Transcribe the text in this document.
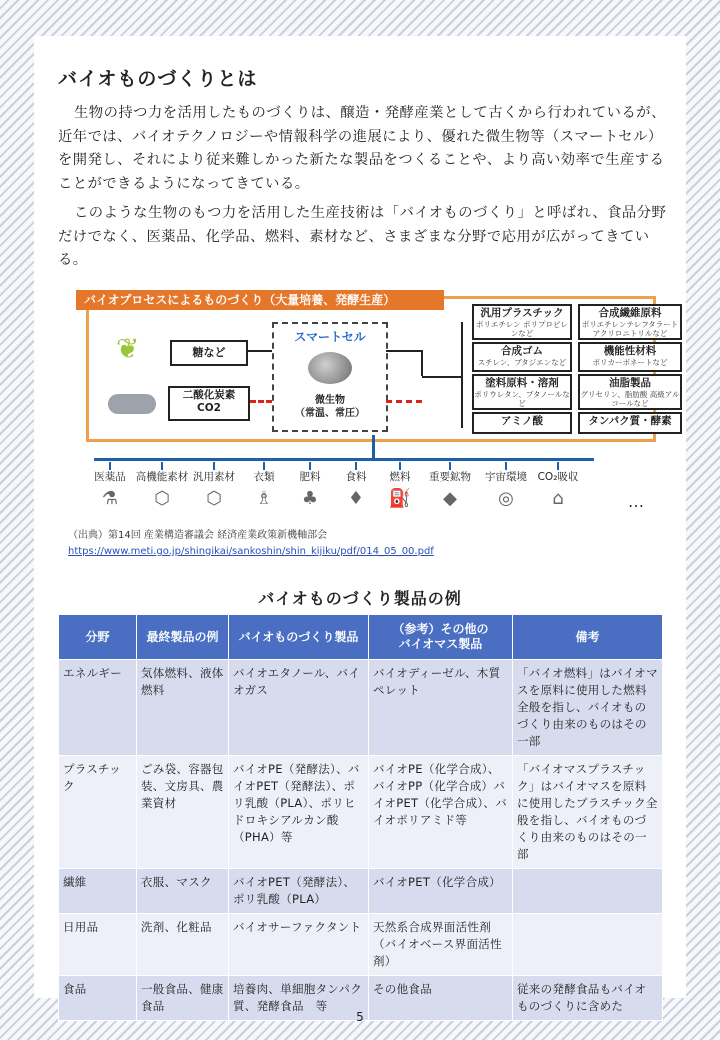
バイオものづくりとは
生物の持つ力を活用したものづくりは、醸造・発酵産業として古くから行われているが、近年では、バイオテクノロジーや情報科学の進展により、優れた微生物等（スマートセル）を開発し、それにより従来難しかった新たな製品をつくることや、より高い効率で生産することができるようになってきている。
このような生物のもつ力を活用した生産技術は「バイオものづくり」と呼ばれ、食品分野だけでなく、医薬品、化学品、燃料、素材など、さまざまな分野で応用が広がってきている。
バイオプロセスによるものづくり（大量培養、発酵生産）
❦	糖など
二酸化炭素
CO2
スマートセル
微生物
（常温、常圧）
汎用プラスチック
ポリエチレン ポリプロピレンなど
合成繊維原料
ポリエチレンテレフタラート アクリロニトリルなど
合成ゴム
スチレン、ブタジエンなど
機能性材料
ポリカーボネートなど
塗料原料・溶剤
ポリウレタン、ブタノールなど
油脂製品
グリセリン、脂肪酸 高級アルコールなど
アミノ酸	タンパク質・酵素
医薬品
⚗
高機能素材
⬡
汎用素材
⬡
衣類
♗
肥料
♣
食料
♦
燃料
⛽
重要鉱物
◆
宇宙環境
◎
CO₂吸収
⌂	…
（出典）第14回 産業構造審議会 経済産業政策新機軸部会
https://www.meti.go.jp/shingikai/sankoshin/shin_kijiku/pdf/014_05_00.pdf
バイオものづくり製品の例
分野	最終製品の例	バイオものづくり製品	（参考）その他の
バイオマス製品	備考
エネルギー	気体燃料、液体燃料	バイオエタノール、バイオガス	バイオディーゼル、木質ペレット	「バイオ燃料」はバイオマスを原料に使用した燃料全般を指し、バイオものづくり由来のものはその一部
プラスチック	ごみ袋、容器包装、文房具、農業資材	バイオPE（発酵法）、バイオPET（発酵法）、ポリ乳酸（PLA）、ポリヒドロキシアルカン酸（PHA）等	バイオPE（化学合成）、バイオPP（化学合成）バイオPET（化学合成）、バイオポリアミド等	「バイオマスプラスチック」はバイオマスを原料に使用したプラスチック全般を指し、バイオものづくり由来のものはその一部
繊維	衣服、マスク	バイオPET（発酵法）、ポリ乳酸（PLA）	バイオPET（化学合成）	
日用品	洗剤、化粧品	バイオサーファクタント	天然系合成界面活性剤（バイオベース界面活性剤）	
食品	一般食品、健康食品	培養肉、単細胞タンパク質、発酵食品　等	その他食品	従来の発酵食品もバイオものづくりに含めた
5
